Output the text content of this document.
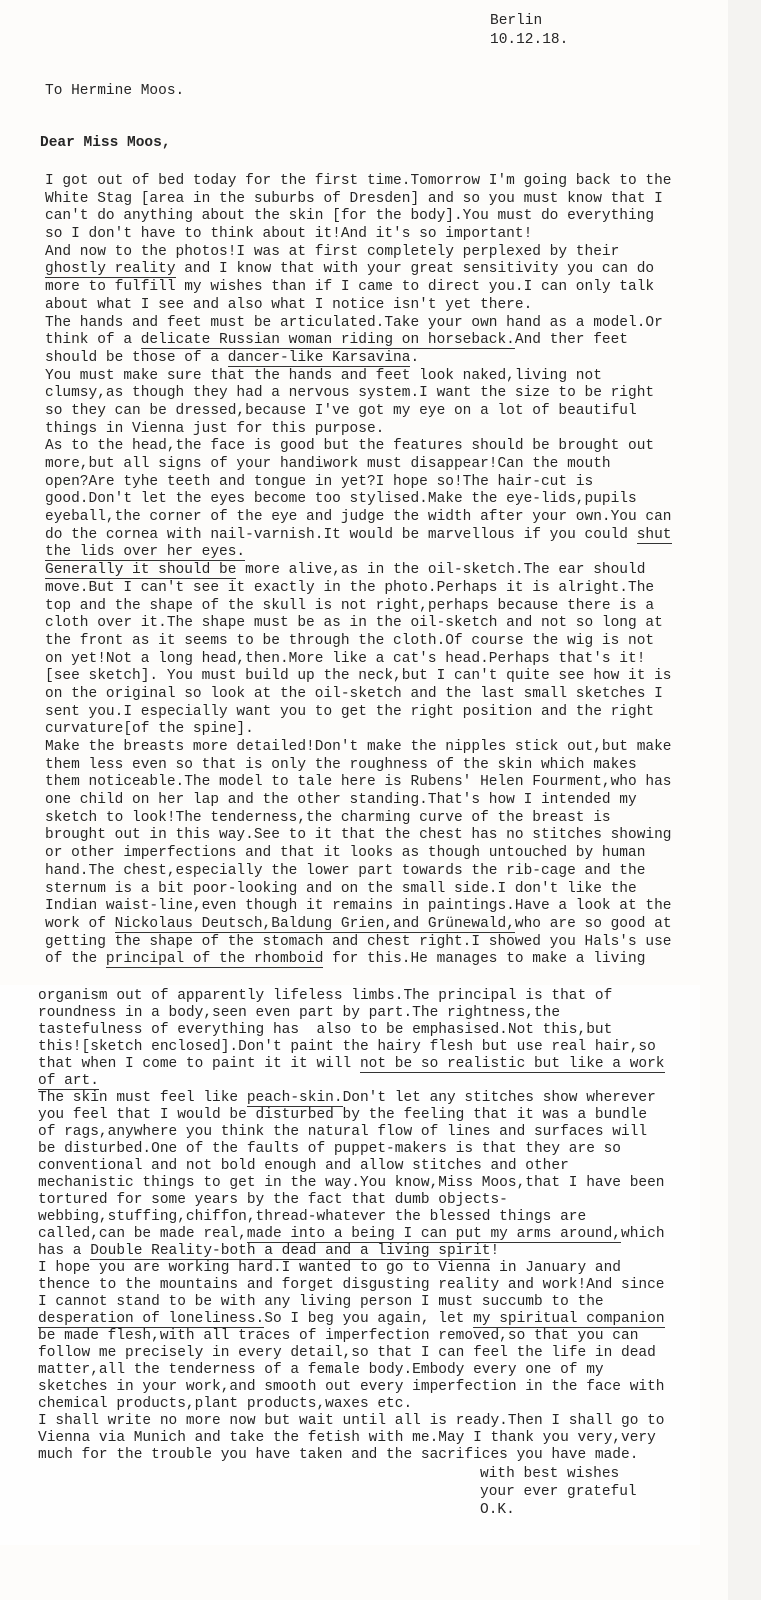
Berlin
10.12.18.
To Hermine Moos.
Dear Miss Moos,
I got out of bed today for the first time.Tomorrow I'm going back to the
White Stag [area in the suburbs of Dresden] and so you must know that I
can't do anything about the skin [for the body].You must do everything
so I don't have to think about it!And it's so important!
And now to the photos!I was at first completely perplexed by their
ghostly reality and I know that with your great sensitivity you can do
more to fulfill my wishes than if I came to direct you.I can only talk
about what I see and also what I notice isn't yet there.
The hands and feet must be articulated.Take your own hand as a model.Or
think of a delicate Russian woman riding on horseback.And ther feet
should be those of a dancer-like Karsavina.
You must make sure that the hands and feet look naked,living not
clumsy,as though they had a nervous system.I want the size to be right
so they can be dressed,because I've got my eye on a lot of beautiful
things in Vienna just for this purpose.
As to the head,the face is good but the features should be brought out
more,but all signs of your handiwork must disappear!Can the mouth
open?Are tyhe teeth and tongue in yet?I hope so!The hair-cut is
good.Don't let the eyes become too stylised.Make the eye-lids,pupils
eyeball,the corner of the eye and judge the width after your own.You can
do the cornea with nail-varnish.It would be marvellous if you could shut
the lids over her eyes.
Generally it should be more alive,as in the oil-sketch.The ear should
move.But I can't see it exactly in the photo.Perhaps it is alright.The
top and the shape of the skull is not right,perhaps because there is a
cloth over it.The shape must be as in the oil-sketch and not so long at
the front as it seems to be through the cloth.Of course the wig is not
on yet!Not a long head,then.More like a cat's head.Perhaps that's it!
[see sketch]. You must build up the neck,but I can't quite see how it is
on the original so look at the oil-sketch and the last small sketches I
sent you.I especially want you to get the right position and the right
curvature[of the spine].
Make the breasts more detailed!Don't make the nipples stick out,but make
them less even so that is only the roughness of the skin which makes
them noticeable.The model to tale here is Rubens' Helen Fourment,who has
one child on her lap and the other standing.That's how I intended my
sketch to look!The tenderness,the charming curve of the breast is
brought out in this way.See to it that the chest has no stitches showing
or other imperfections and that it looks as though untouched by human
hand.The chest,especially the lower part towards the rib-cage and the
sternum is a bit poor-looking and on the small side.I don't like the
Indian waist-line,even though it remains in paintings.Have a look at the
work of Nickolaus Deutsch,Baldung Grien,and Grünewald,who are so good at
getting the shape of the stomach and chest right.I showed you Hals's use
of the principal of the rhomboid for this.He manages to make a living
organism out of apparently lifeless limbs.The principal is that of
roundness in a body,seen even part by part.The rightness,the
tastefulness of everything has  also to be emphasised.Not this,but
this![sketch enclosed].Don't paint the hairy flesh but use real hair,so
that when I come to paint it it will not be so realistic but like a work
of art.
The skin must feel like peach-skin.Don't let any stitches show wherever
you feel that I would be disturbed by the feeling that it was a bundle
of rags,anywhere you think the natural flow of lines and surfaces will
be disturbed.One of the faults of puppet-makers is that they are so
conventional and not bold enough and allow stitches and other
mechanistic things to get in the way.You know,Miss Moos,that I have been
tortured for some years by the fact that dumb objects-
webbing,stuffing,chiffon,thread-whatever the blessed things are
called,can be made real,made into a being I can put my arms around,which
has a Double Reality-both a dead and a living spirit!
I hope you are working hard.I wanted to go to Vienna in January and
thence to the mountains and forget disgusting reality and work!And since
I cannot stand to be with any living person I must succumb to the
desperation of loneliness.So I beg you again, let my spiritual companion
be made flesh,with all traces of imperfection removed,so that you can
follow me precisely in every detail,so that I can feel the life in dead
matter,all the tenderness of a female body.Embody every one of my
sketches in your work,and smooth out every imperfection in the face with
chemical products,plant products,waxes etc.
I shall write no more now but wait until all is ready.Then I shall go to
Vienna via Munich and take the fetish with me.May I thank you very,very
much for the trouble you have taken and the sacrifices you have made.
with best wishes
your ever grateful
O.K.
